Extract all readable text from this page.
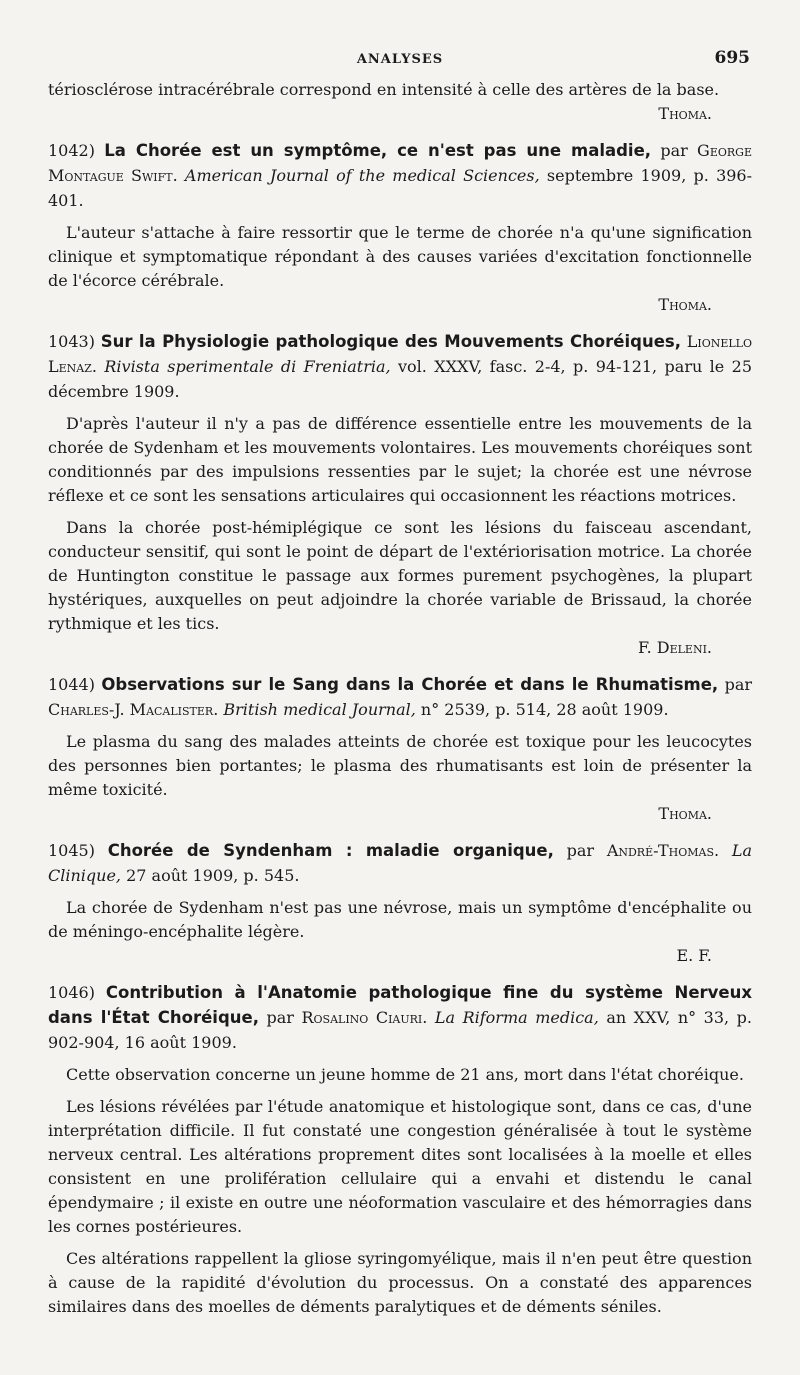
ANALYSES	695

tériosclérose intracérébrale correspond en intensité à celle des artères de la base.

Thoma.

1042) La Chorée est un symptôme, ce n'est pas une maladie, par George Montague Swift. American Journal of the medical Sciences, septembre 1909, p. 396-401.

L'auteur s'attache à faire ressortir que le terme de chorée n'a qu'une signification clinique et symptomatique répondant à des causes variées d'excitation fonctionnelle de l'écorce cérébrale.

Thoma.

1043) Sur la Physiologie pathologique des Mouvements Choréiques, Lionello Lenaz. Rivista sperimentale di Freniatria, vol. XXXV, fasc. 2-4, p. 94-121, paru le 25 décembre 1909.

D'après l'auteur il n'y a pas de différence essentielle entre les mouvements de la chorée de Sydenham et les mouvements volontaires. Les mouvements choréiques sont conditionnés par des impulsions ressenties par le sujet; la chorée est une névrose réflexe et ce sont les sensations articulaires qui occasionnent les réactions motrices.

Dans la chorée post-hémiplégique ce sont les lésions du faisceau ascendant, conducteur sensitif, qui sont le point de départ de l'extériorisation motrice. La chorée de Huntington constitue le passage aux formes purement psychogènes, la plupart hystériques, auxquelles on peut adjoindre la chorée variable de Brissaud, la chorée rythmique et les tics.

F. Deleni.

1044) Observations sur le Sang dans la Chorée et dans le Rhumatisme, par Charles-J. Macalister. British medical Journal, n° 2539, p. 514, 28 août 1909.

Le plasma du sang des malades atteints de chorée est toxique pour les leucocytes des personnes bien portantes; le plasma des rhumatisants est loin de présenter la même toxicité.

Thoma.

1045) Chorée de Syndenham : maladie organique, par André-Thomas. La Clinique, 27 août 1909, p. 545.

La chorée de Sydenham n'est pas une névrose, mais un symptôme d'encéphalite ou de méningo-encéphalite légère.

E. F.

1046) Contribution à l'Anatomie pathologique fine du système Nerveux dans l'État Choréique, par Rosalino Ciauri. La Riforma medica, an XXV, n° 33, p. 902-904, 16 août 1909.

Cette observation concerne un jeune homme de 21 ans, mort dans l'état choréique.

Les lésions révélées par l'étude anatomique et histologique sont, dans ce cas, d'une interprétation difficile. Il fut constaté une congestion généralisée à tout le système nerveux central. Les altérations proprement dites sont localisées à la moelle et elles consistent en une prolifération cellulaire qui a envahi et distendu le canal épendymaire ; il existe en outre une néoformation vasculaire et des hémorragies dans les cornes postérieures.

Ces altérations rappellent la gliose syringomyélique, mais il n'en peut être question à cause de la rapidité d'évolution du processus. On a constaté des apparences similaires dans des moelles de déments paralytiques et de déments séniles.
